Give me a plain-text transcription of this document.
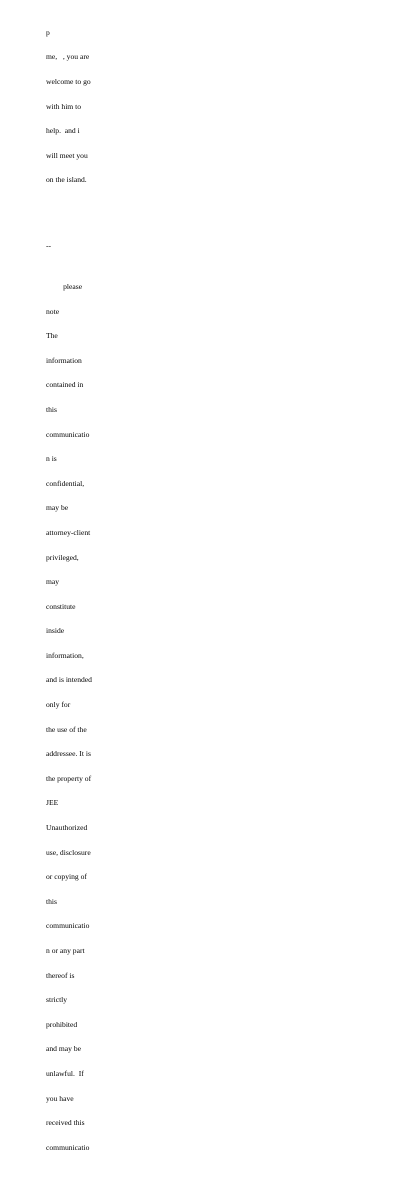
p

me,   , you are

welcome to go

with him to

help.  and i

will meet you

on the island.

--

please

note

The

information

contained in

this

communicatio

n is

confidential,

may be

attorney-client

privileged,

may

constitute

inside

information,

and is intended

only for

the use of the

addressee. It is

the property of

JEE

Unauthorized

use, disclosure

or copying of

this

communicatio

n or any part

thereof is

strictly

prohibited

and may be

unlawful.  If

you have

received this

communicatio
